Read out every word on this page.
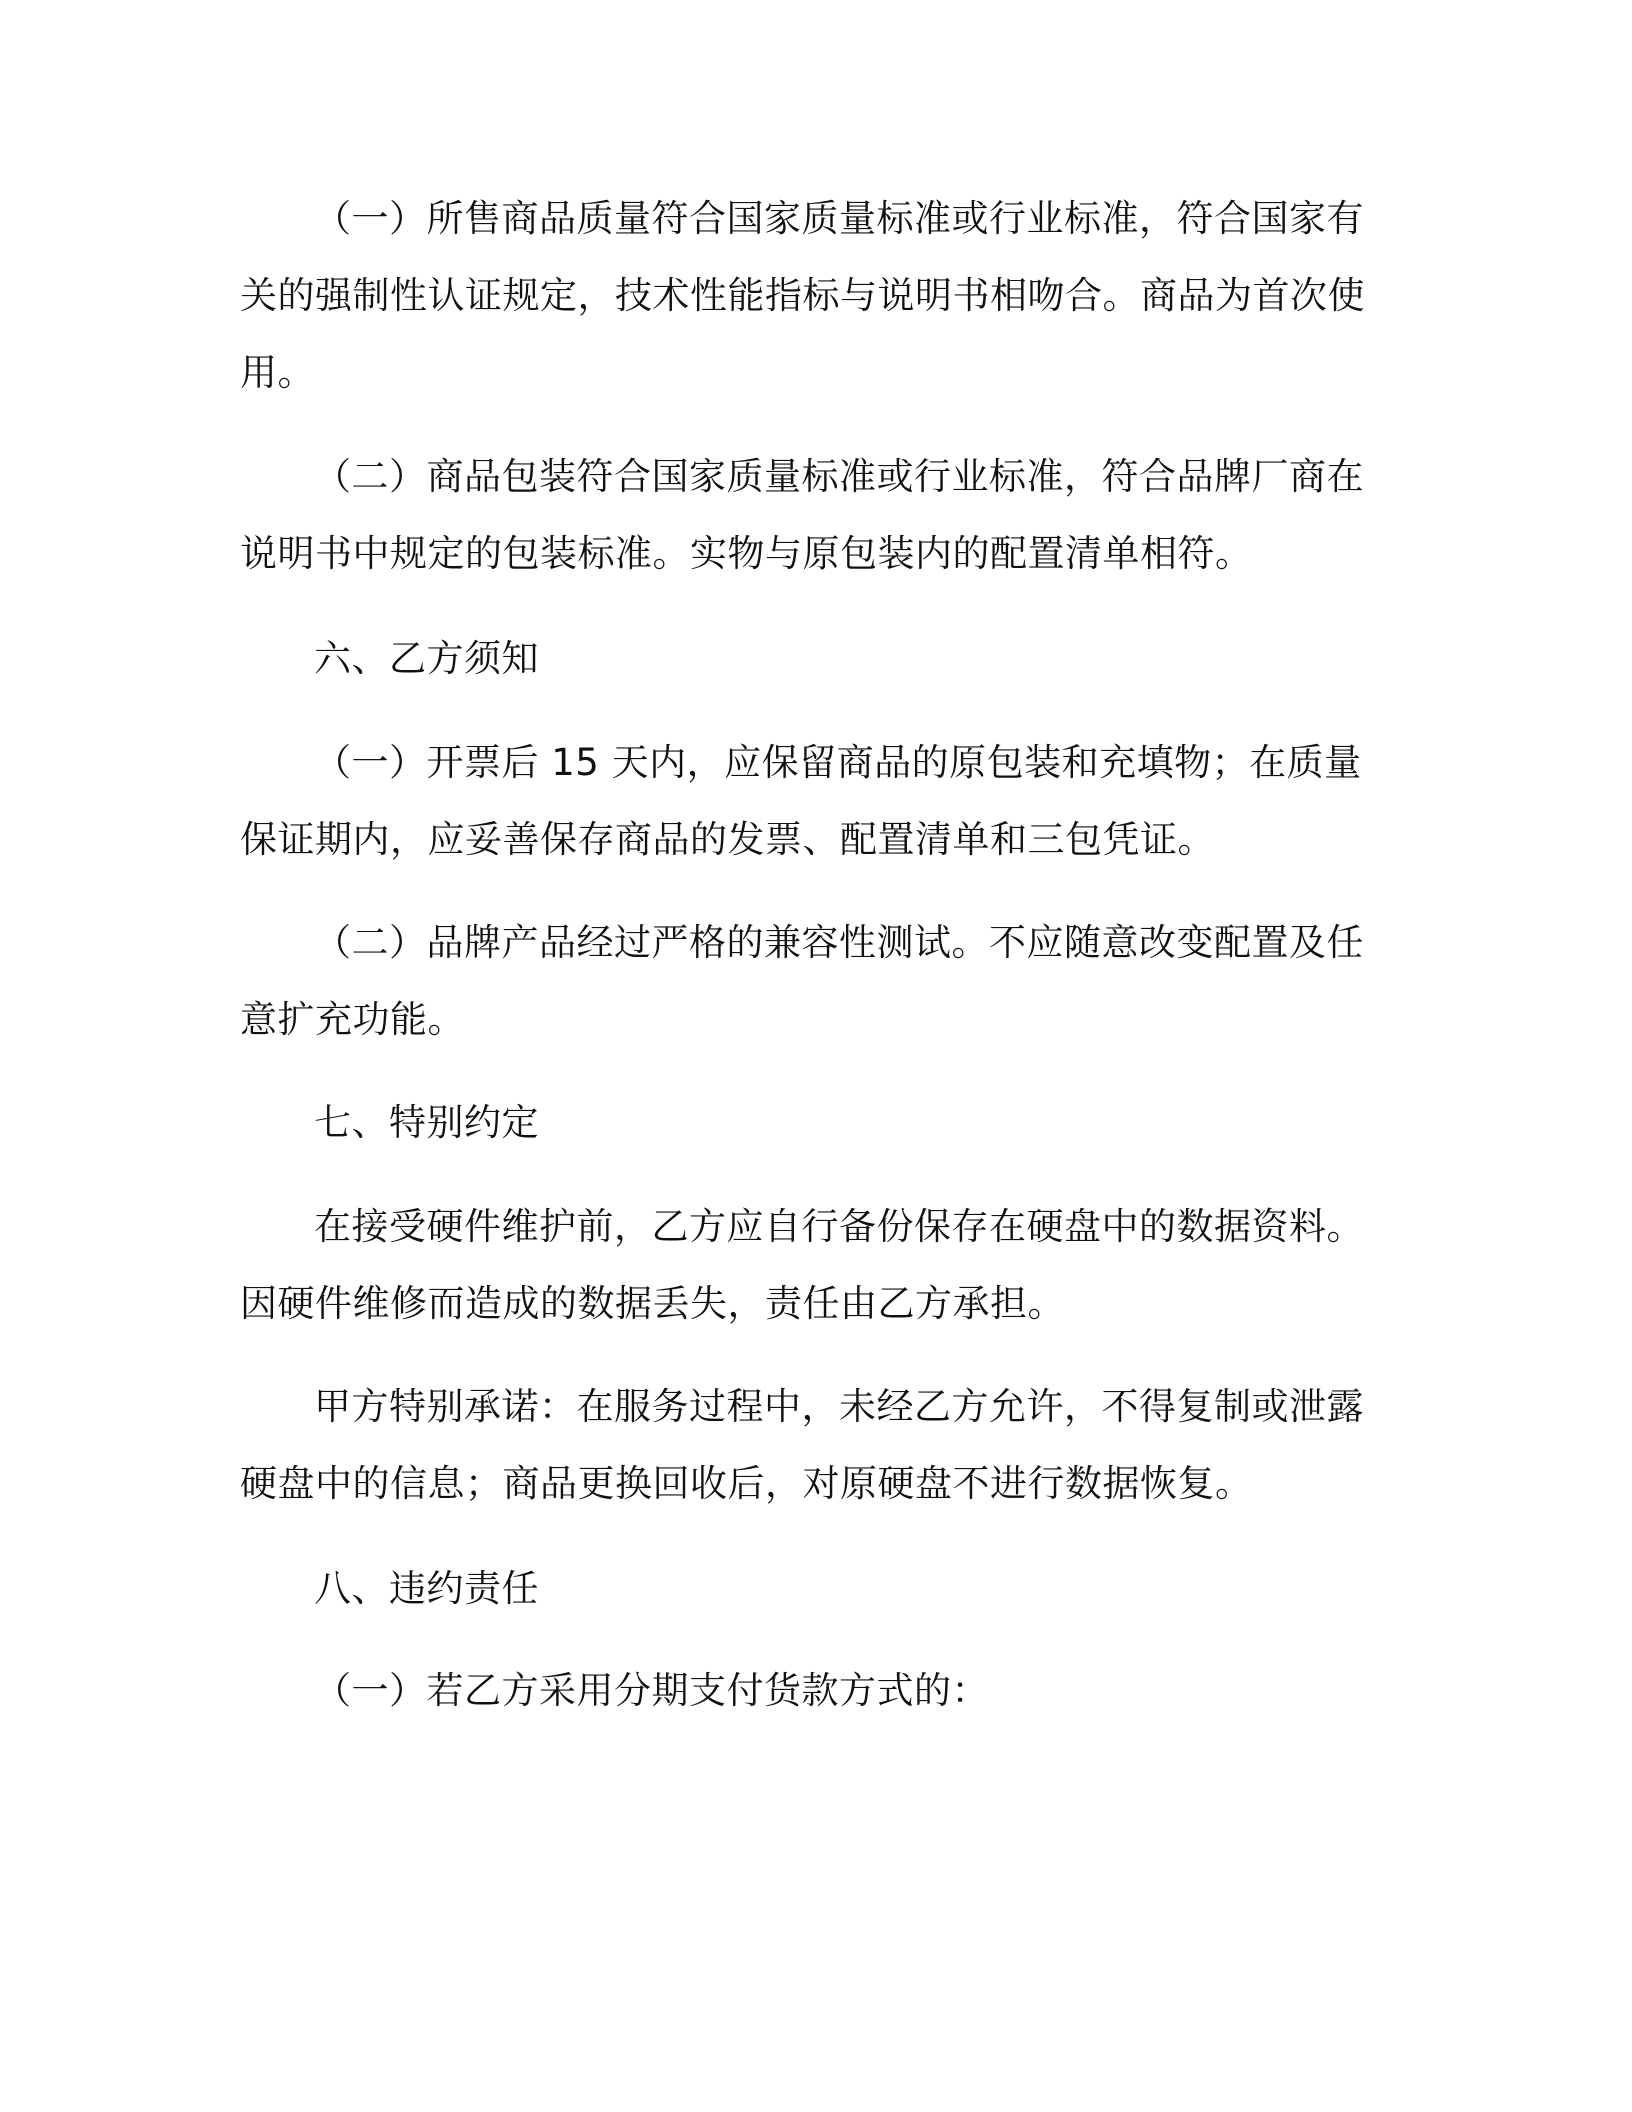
（一）所售商品质量符合国家质量标准或行业标准，符合国家有关的强制性认证规定，技术性能指标与说明书相吻合。商品为首次使用。

（二）商品包装符合国家质量标准或行业标准，符合品牌厂商在说明书中规定的包装标准。实物与原包装内的配置清单相符。

六、乙方须知

（一）开票后 15 天内，应保留商品的原包装和充填物；在质量保证期内，应妥善保存商品的发票、配置清单和三包凭证。

（二）品牌产品经过严格的兼容性测试。不应随意改变配置及任意扩充功能。

七、特别约定

在接受硬件维护前，乙方应自行备份保存在硬盘中的数据资料。因硬件维修而造成的数据丢失，责任由乙方承担。

甲方特别承诺：在服务过程中，未经乙方允许，不得复制或泄露硬盘中的信息；商品更换回收后，对原硬盘不进行数据恢复。

八、违约责任

（一）若乙方采用分期支付货款方式的：
